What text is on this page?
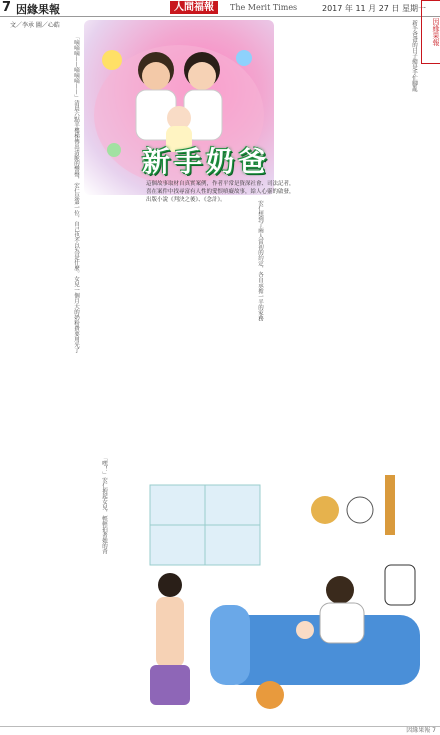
7 因緣果報	人間福報	The Merit Times	2017 年 11 月 27 日 星期一
因緣果報
文／李承 圖／心皓
「嘀嘀嘀——嘀嘀嘀——」清晨六點半樓梯傳出清脆的響聲，宏仁是第一位，自己也不以為是什麼。女兒一個月大的奶粉費要用光了 新手奶爸
這個故事取材自真實案例，作者平常是資深社會、司法記者，喜在案件中找尋富有人性的愛恨嗔癡故事，給人心靈的啟發，出版小說《判決之後》、《念計》。	宏仁想到了兩人當初的約定，各自承擔一半的家務
新手爸爸的日子總是手忙腳亂
「嘿！」宏仁抱起女兒，輕輕拍著她的背
因緣果報 7
